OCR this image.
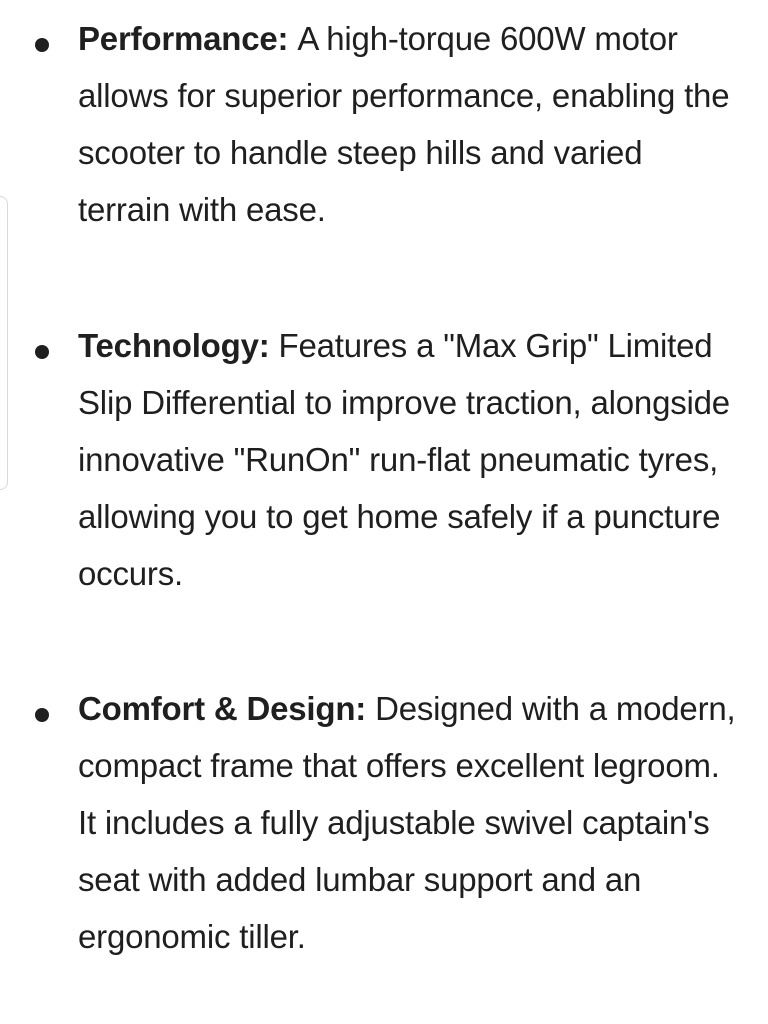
Performance: A high-torque 600W motor allows for superior performance, enabling the scooter to handle steep hills and varied terrain with ease.
Technology: Features a "Max Grip" Limited Slip Differential to improve traction, alongside innovative "RunOn" run-flat pneumatic tyres, allowing you to get home safely if a puncture occurs.
Comfort & Design: Designed with a modern, compact frame that offers excellent legroom. It includes a fully adjustable swivel captain's seat with added lumbar support and an ergonomic tiller.
